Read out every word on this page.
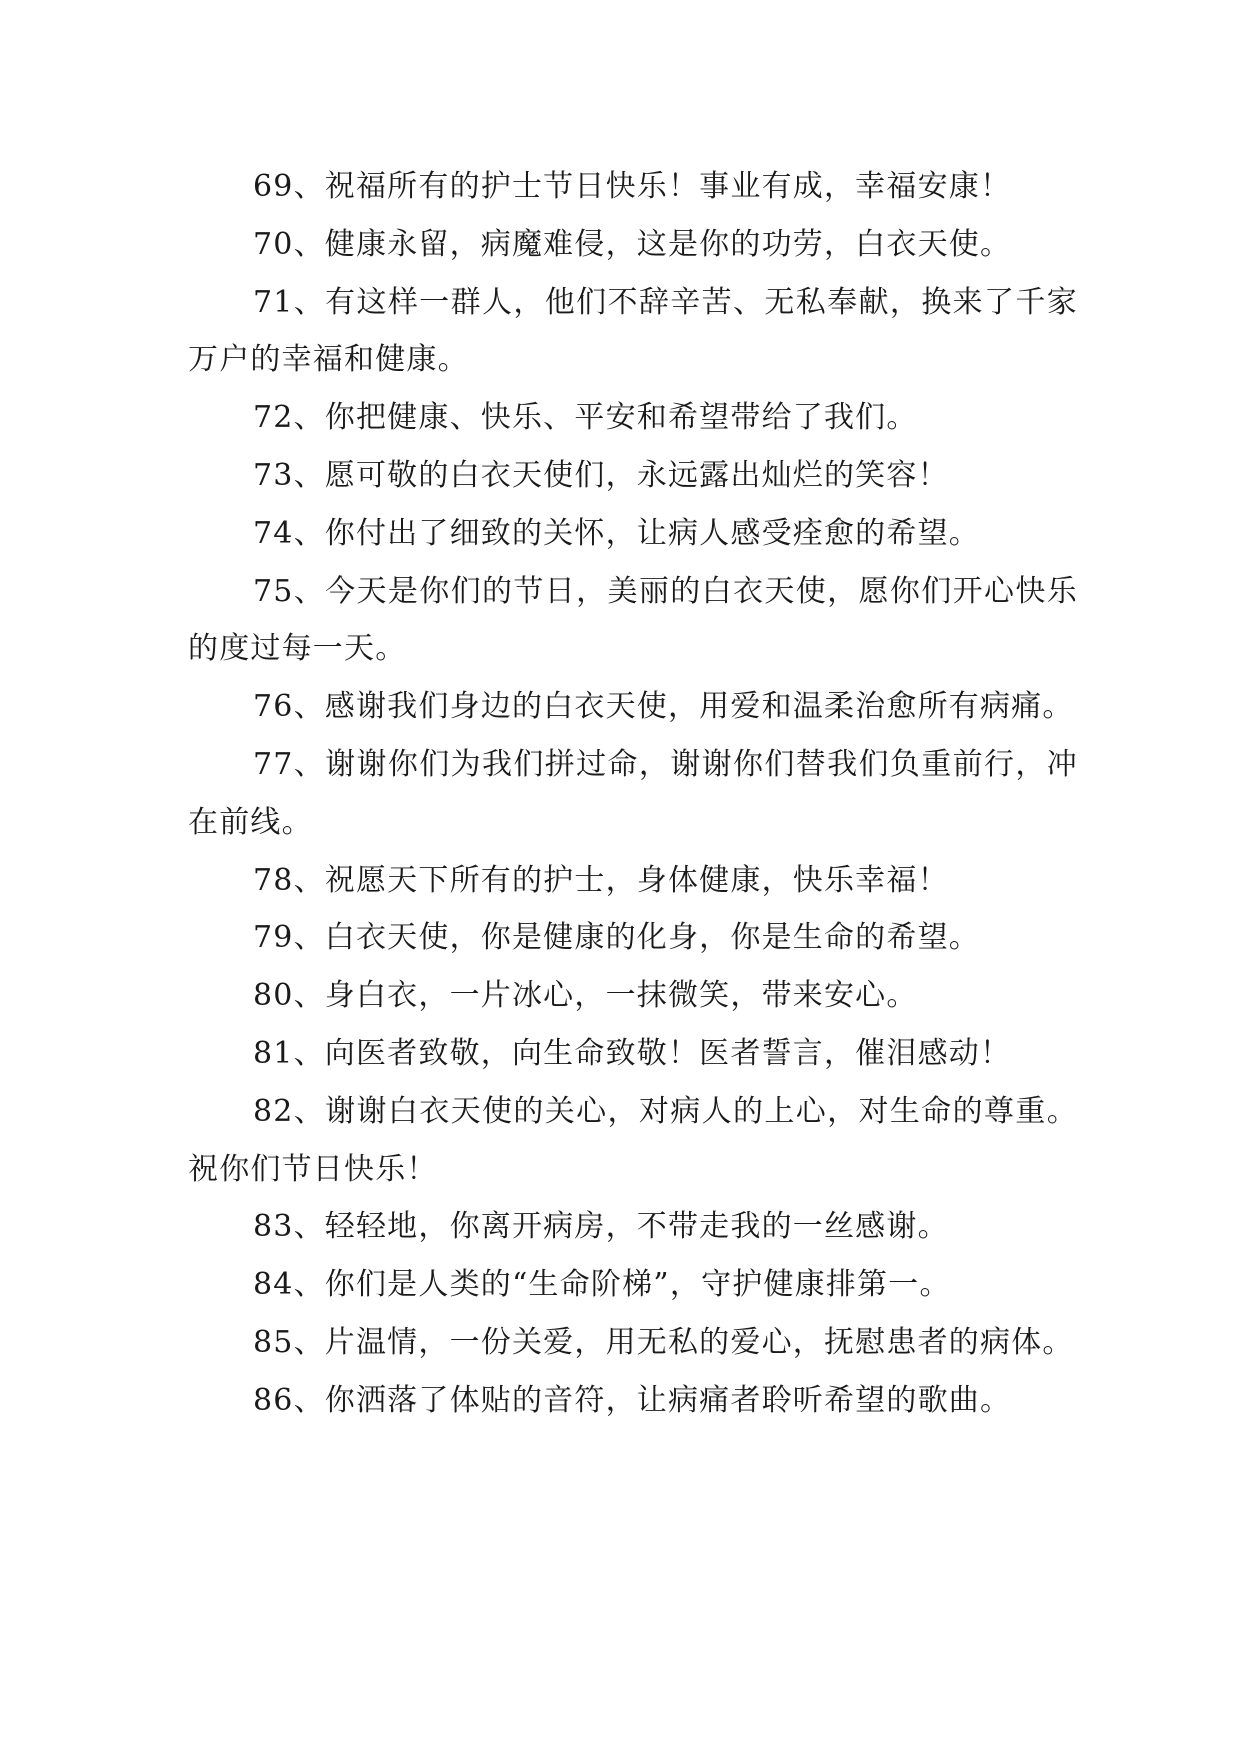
69、祝福所有的护士节日快乐！事业有成，幸福安康！

70、健康永留，病魔难侵，这是你的功劳，白衣天使。

71、有这样一群人，他们不辞辛苦、无私奉献，换来了千家万户的幸福和健康。

72、你把健康、快乐、平安和希望带给了我们。

73、愿可敬的白衣天使们，永远露出灿烂的笑容！

74、你付出了细致的关怀，让病人感受痊愈的希望。

75、今天是你们的节日，美丽的白衣天使，愿你们开心快乐的度过每一天。

76、感谢我们身边的白衣天使，用爱和温柔治愈所有病痛。

77、谢谢你们为我们拼过命，谢谢你们替我们负重前行，冲在前线。

78、祝愿天下所有的护士，身体健康，快乐幸福！

79、白衣天使，你是健康的化身，你是生命的希望。

80、身白衣，一片冰心，一抹微笑，带来安心。

81、向医者致敬，向生命致敬！医者誓言，催泪感动！

82、谢谢白衣天使的关心，对病人的上心，对生命的尊重。祝你们节日快乐！

83、轻轻地，你离开病房，不带走我的一丝感谢。

84、你们是人类的“生命阶梯”，守护健康排第一。

85、片温情，一份关爱，用无私的爱心，抚慰患者的病体。

86、你洒落了体贴的音符，让病痛者聆听希望的歌曲。
